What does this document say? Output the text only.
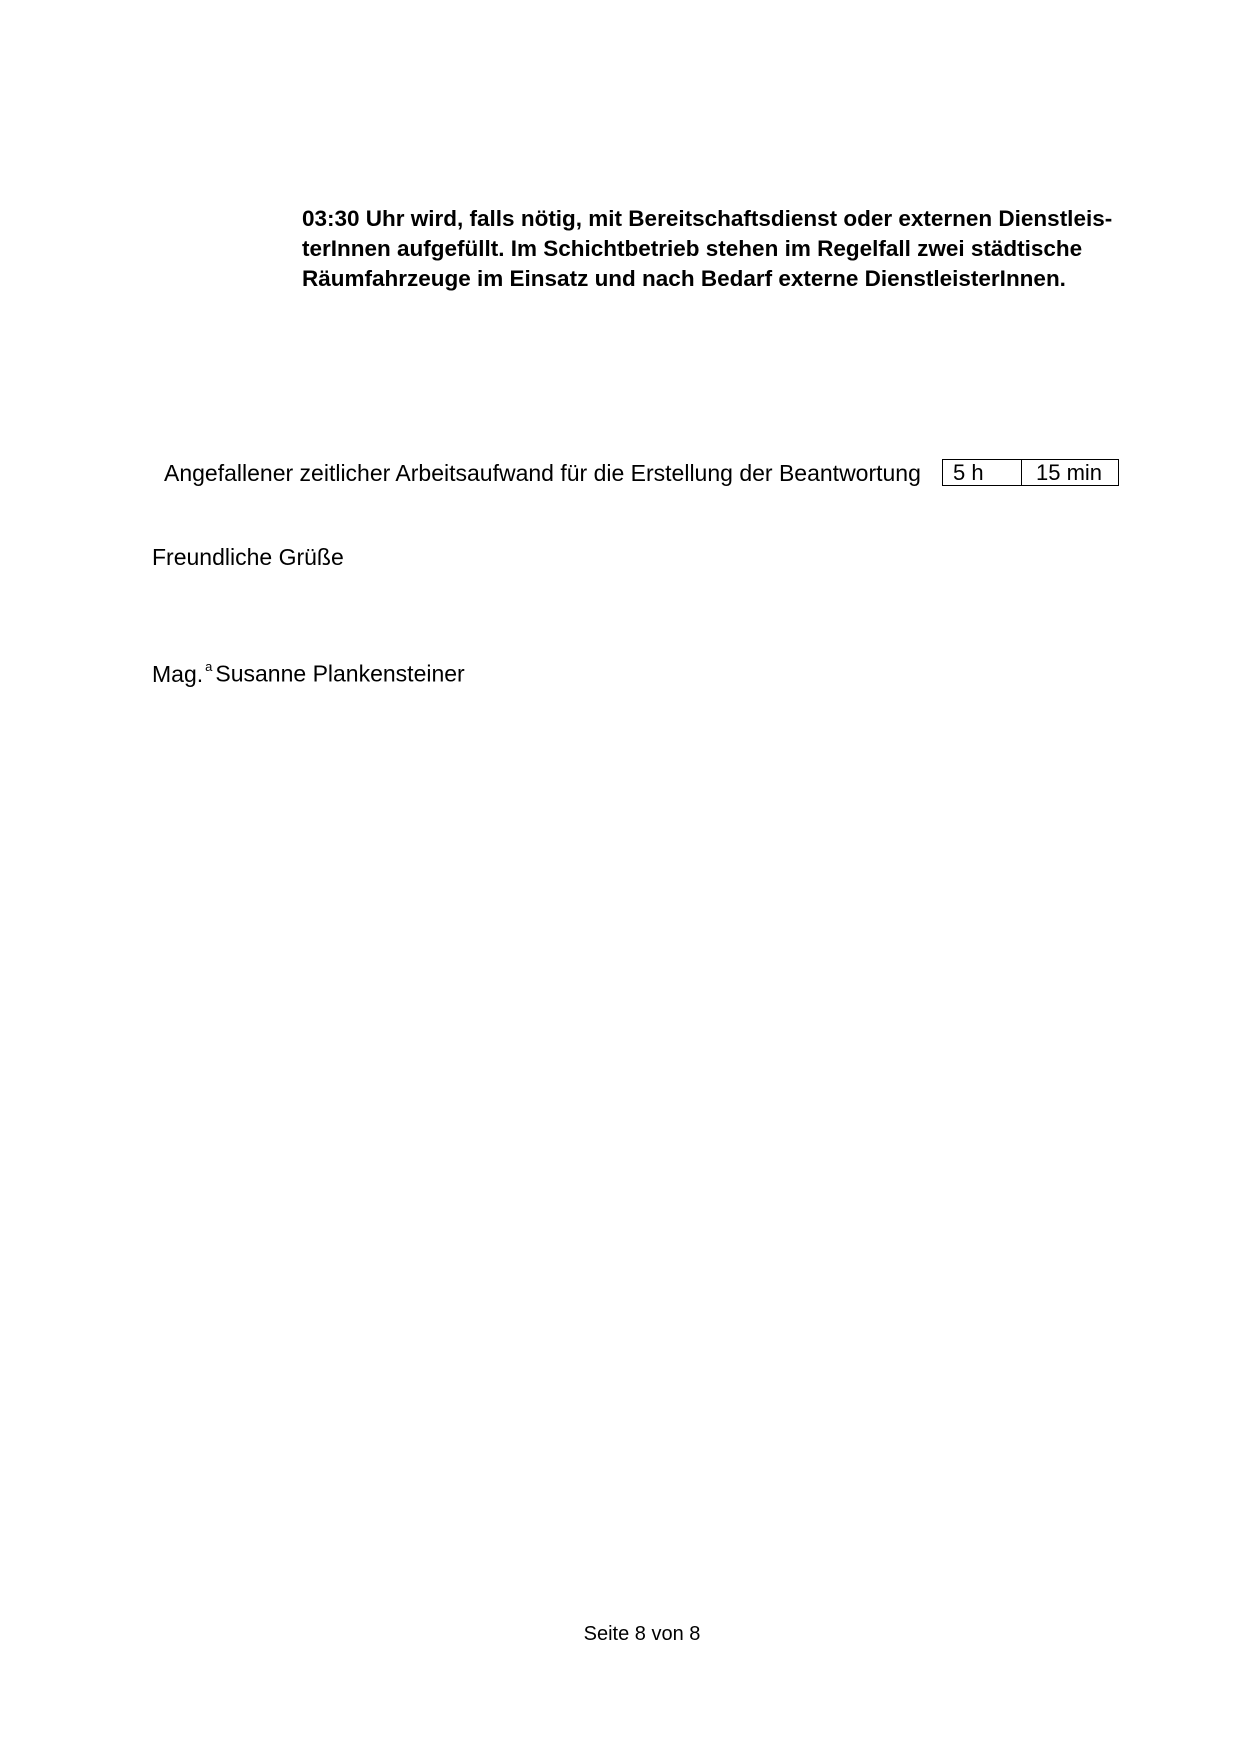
03:30 Uhr wird, falls nötig, mit Bereitschaftsdienst oder externen Dienstleis-
terInnen aufgefüllt. Im Schichtbetrieb stehen im Regelfall zwei städtische
Räumfahrzeuge im Einsatz und nach Bedarf externe DienstleisterInnen.
Angefallener zeitlicher Arbeitsaufwand für die Erstellung der Beantwortung	5 h	15 min
Freundliche Grüße
Mag. $^a$ Susanne Plankensteiner
Seite 8 von 8
